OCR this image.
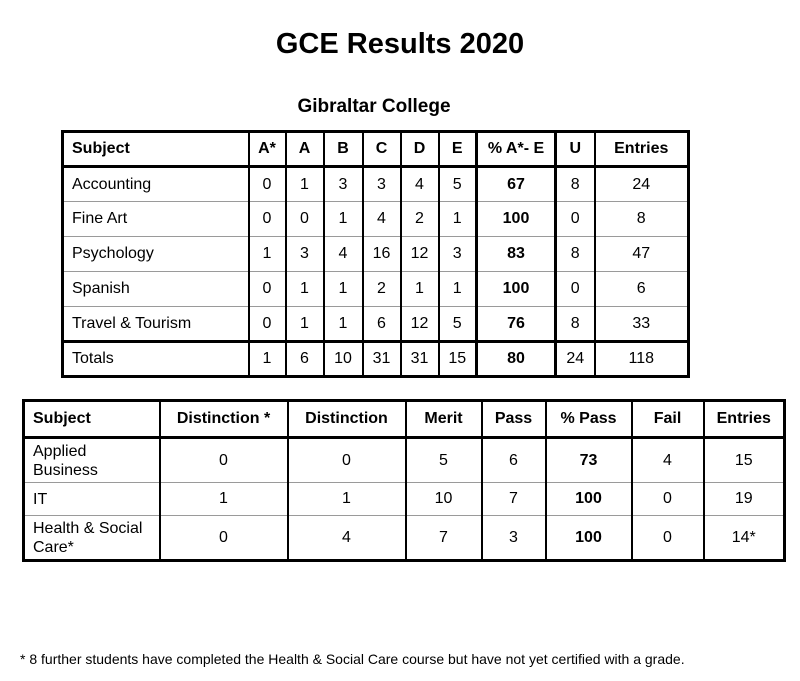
GCE Results 2020
Gibraltar College
Subject	A*	A	B	C	D	E	% A*- E	U	Entries
Accounting	0	1	3	3	4	5	67	8	24
Fine Art	0	0	1	4	2	1	100	0	8
Psychology	1	3	4	16	12	3	83	8	47
Spanish	0	1	1	2	1	1	100	0	6
Travel & Tourism	0	1	1	6	12	5	76	8	33
Totals	1	6	10	31	31	15	80	24	118
Subject	Distinction *	Distinction	Merit	Pass	% Pass	Fail	Entries
Applied Business	0	0	5	6	73	4	15
IT	1	1	10	7	100	0	19
Health & Social Care*	0	4	7	3	100	0	14*
* 8 further students have completed the Health & Social Care course but have not yet certified with a grade.
